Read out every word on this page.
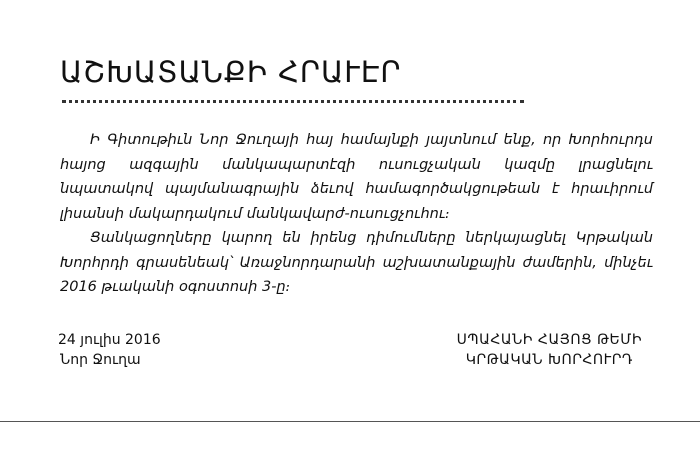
ԱՇԽԱՏԱՆՔԻ ՀՐԱՒԷՐ

Ի Գիտութիւն Նոր Ջուղայի հայ համայնքի յայտնում ենք, որ Խորհուրդս հայոց ազգային մանկապարտէզի ուսուցչական կազմը լրացնելու նպատակով պայմանագրային ձեւով համագործակցութեան է հրաւիրում լիսանսի մակարդակում մանկավարժ-ուսուցչուհու։

Ցանկացողները կարող են իրենց դիմումները ներկայացնել Կրթական Խորհրդի գրասենեակ՝ Առաջնորդարանի աշխատանքային ժամերին, մինչեւ 2016 թւականի օգոստոսի 3-ը։

24 յուլիս 2016
Նոր Ջուղա
ՍՊԱՀԱՆԻ ՀԱՅՈՑ ԹԵՄԻ
ԿՐԹԱԿԱՆ ԽՈՐՀՈՒՐԴ
